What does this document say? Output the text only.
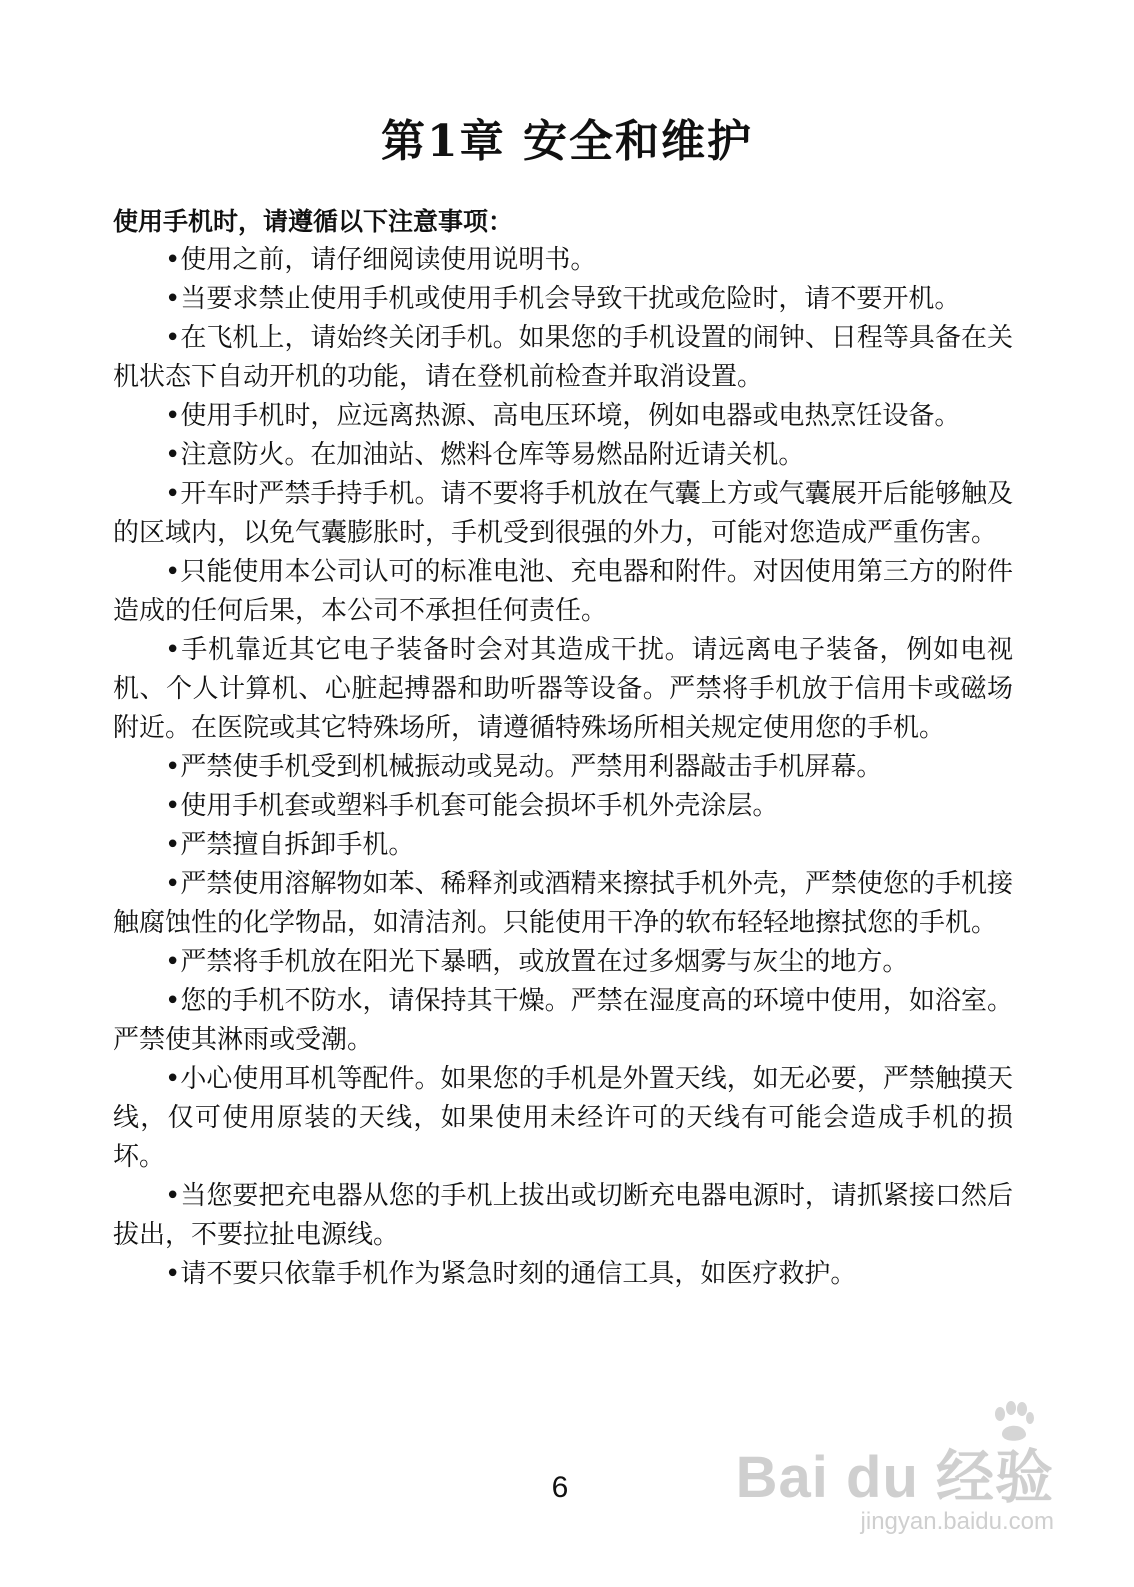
第1章 安全和维护
使用手机时，请遵循以下注意事项：

•使用之前，请仔细阅读使用说明书。

•当要求禁止使用手机或使用手机会导致干扰或危险时，请不要开机。

•在飞机上，请始终关闭手机。如果您的手机设置的闹钟、日程等具备在关机状态下自动开机的功能，请在登机前检查并取消设置。

•使用手机时，应远离热源、高电压环境，例如电器或电热烹饪设备。

•注意防火。在加油站、燃料仓库等易燃品附近请关机。

•开车时严禁手持手机。请不要将手机放在气囊上方或气囊展开后能够触及的区域内，以免气囊膨胀时，手机受到很强的外力，可能对您造成严重伤害。

•只能使用本公司认可的标准电池、充电器和附件。对因使用第三方的附件造成的任何后果，本公司不承担任何责任。

•手机靠近其它电子装备时会对其造成干扰。请远离电子装备，例如电视机、个人计算机、心脏起搏器和助听器等设备。严禁将手机放于信用卡或磁场附近。在医院或其它特殊场所，请遵循特殊场所相关规定使用您的手机。

•严禁使手机受到机械振动或晃动。严禁用利器敲击手机屏幕。

•使用手机套或塑料手机套可能会损坏手机外壳涂层。

•严禁擅自拆卸手机。

•严禁使用溶解物如苯、稀释剂或酒精来擦拭手机外壳，严禁使您的手机接触腐蚀性的化学物品，如清洁剂。只能使用干净的软布轻轻地擦拭您的手机。

•严禁将手机放在阳光下暴晒，或放置在过多烟雾与灰尘的地方。

•您的手机不防水，请保持其干燥。严禁在湿度高的环境中使用，如浴室。严禁使其淋雨或受潮。

•小心使用耳机等配件。如果您的手机是外置天线，如无必要，严禁触摸天线，仅可使用原装的天线，如果使用未经许可的天线有可能会造成手机的损坏。

•当您要把充电器从您的手机上拔出或切断充电器电源时，请抓紧接口然后拔出，不要拉扯电源线。

•请不要只依靠手机作为紧急时刻的通信工具，如医疗救护。

6	Bai du 经验
jingyan.baidu.com
